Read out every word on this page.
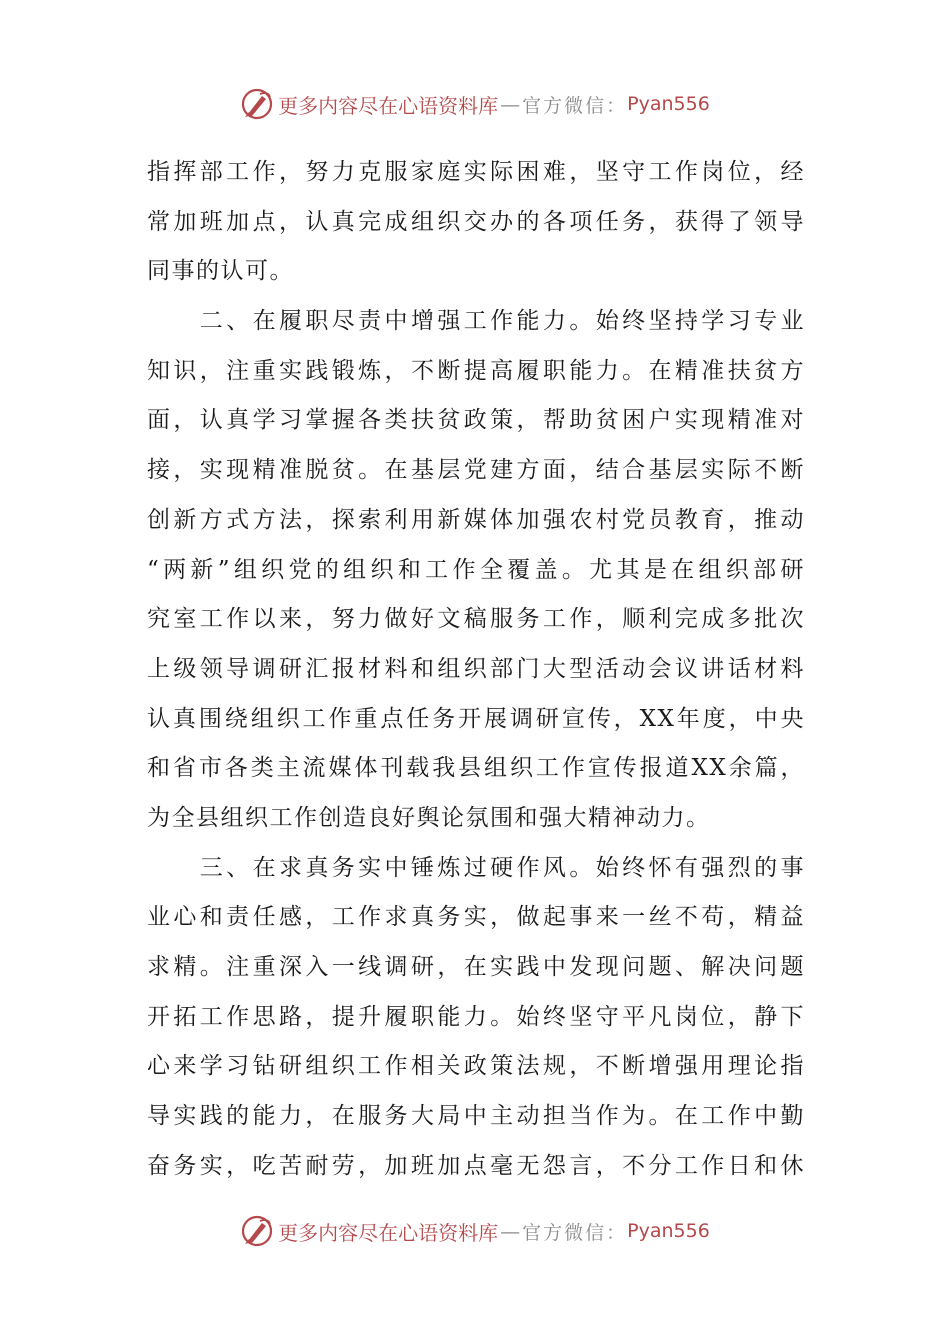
更多内容尽在心语资料库 — 官方微信： Pyan556
指挥部工作，努力克服家庭实际困难，坚守工作岗位，经
常加班加点，认真完成组织交办的各项任务，获得了领导
同事的认可。
　　二、在履职尽责中增强工作能力。始终坚持学习专业
知识，注重实践锻炼，不断提高履职能力。在精准扶贫方
面，认真学习掌握各类扶贫政策，帮助贫困户实现精准对
接，实现精准脱贫。在基层党建方面，结合基层实际不断
创新方式方法，探索利用新媒体加强农村党员教育，推动
“两新”组织党的组织和工作全覆盖。尤其是在组织部研
究室工作以来，努力做好文稿服务工作，顺利完成多批次
上级领导调研汇报材料和组织部门大型活动会议讲话材料
认真围绕组织工作重点任务开展调研宣传，XX年度，中央
和省市各类主流媒体刊载我县组织工作宣传报道XX余篇，
为全县组织工作创造良好舆论氛围和强大精神动力。
　　三、在求真务实中锤炼过硬作风。始终怀有强烈的事
业心和责任感，工作求真务实，做起事来一丝不苟，精益
求精。注重深入一线调研，在实践中发现问题、解决问题
开拓工作思路，提升履职能力。始终坚守平凡岗位，静下
心来学习钻研组织工作相关政策法规，不断增强用理论指
导实践的能力，在服务大局中主动担当作为。在工作中勤
奋务实，吃苦耐劳，加班加点毫无怨言，不分工作日和休
更多内容尽在心语资料库 — 官方微信： Pyan556
